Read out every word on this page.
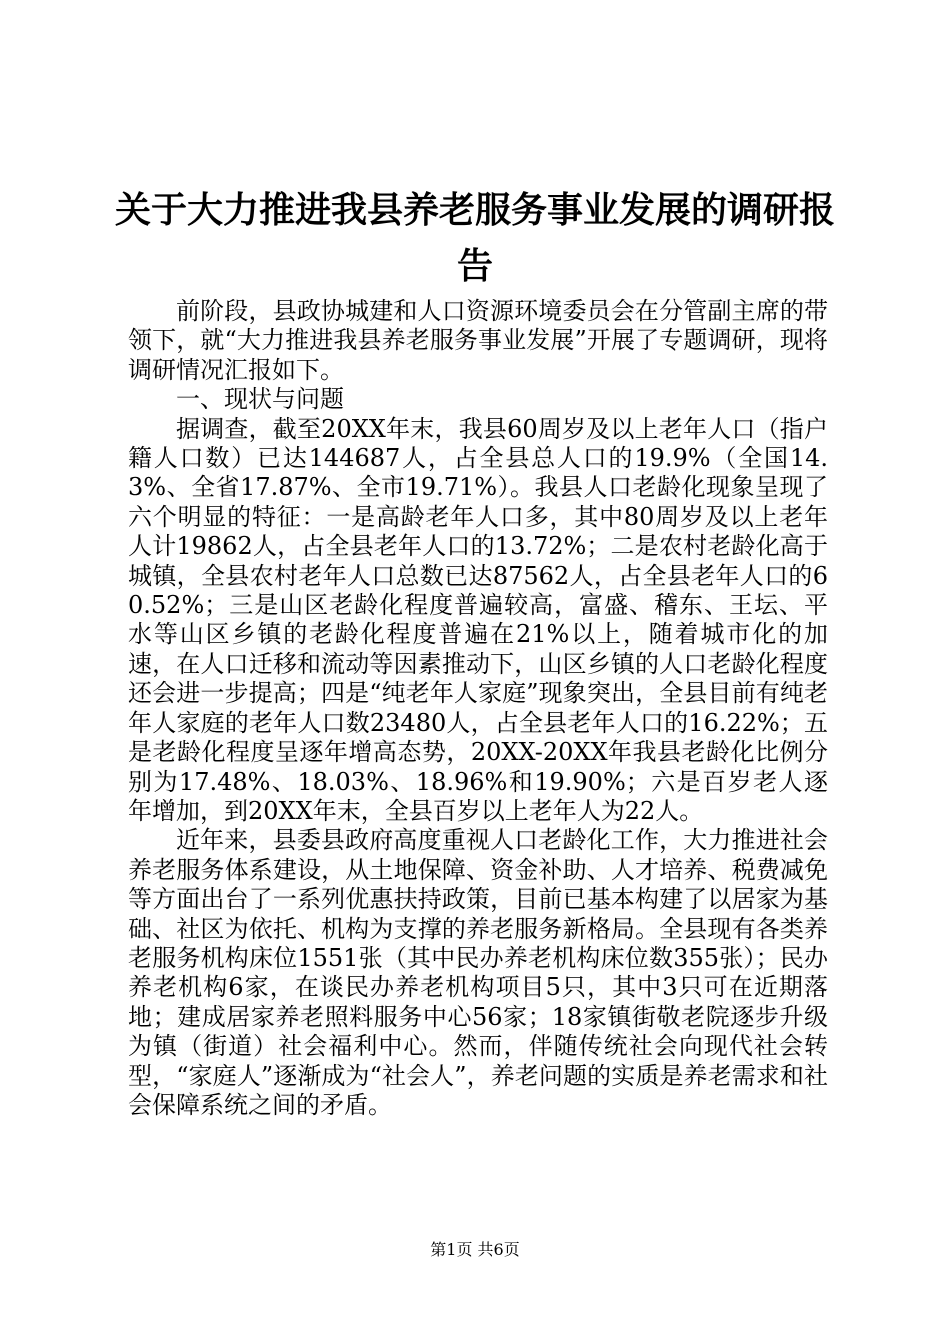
关于大力推进我县养老服务事业发展的调研报
告

前阶段，县政协城建和人口资源环境委员会在分管副主席的带领下，就“大力推进我县养老服务事业发展”开展了专题调研，现将调研情况汇报如下。

一、现状与问题

据调查，截至20XX年末，我县60周岁及以上老年人口（指户籍人口数）已达144687人，占全县总人口的19.9%（全国14.3%、全省17.87%、全市19.71%）。我县人口老龄化现象呈现了六个明显的特征：一是高龄老年人口多，其中80周岁及以上老年人计19862人，占全县老年人口的13.72%；二是农村老龄化高于城镇，全县农村老年人口总数已达87562人，占全县老年人口的60.52%；三是山区老龄化程度普遍较高，富盛、稽东、王坛、平水等山区乡镇的老龄化程度普遍在21%以上，随着城市化的加速，在人口迁移和流动等因素推动下，山区乡镇的人口老龄化程度还会进一步提高；四是“纯老年人家庭”现象突出，全县目前有纯老年人家庭的老年人口数23480人，占全县老年人口的16.22%；五是老龄化程度呈逐年增高态势，20XX-20XX年我县老龄化比例分别为17.48%、18.03%、18.96%和19.90%；六是百岁老人逐年增加，到20XX年末，全县百岁以上老年人为22人。

近年来，县委县政府高度重视人口老龄化工作，大力推进社会养老服务体系建设，从土地保障、资金补助、人才培养、税费减免等方面出台了一系列优惠扶持政策，目前已基本构建了以居家为基础、社区为依托、机构为支撑的养老服务新格局。全县现有各类养老服务机构床位1551张（其中民办养老机构床位数355张）；民办养老机构6家，在谈民办养老机构项目5只，其中3只可在近期落地；建成居家养老照料服务中心56家；18家镇街敬老院逐步升级为镇（街道）社会福利中心。然而，伴随传统社会向现代社会转型，“家庭人”逐渐成为“社会人”，养老问题的实质是养老需求和社会保障系统之间的矛盾。

第1页 共6页
